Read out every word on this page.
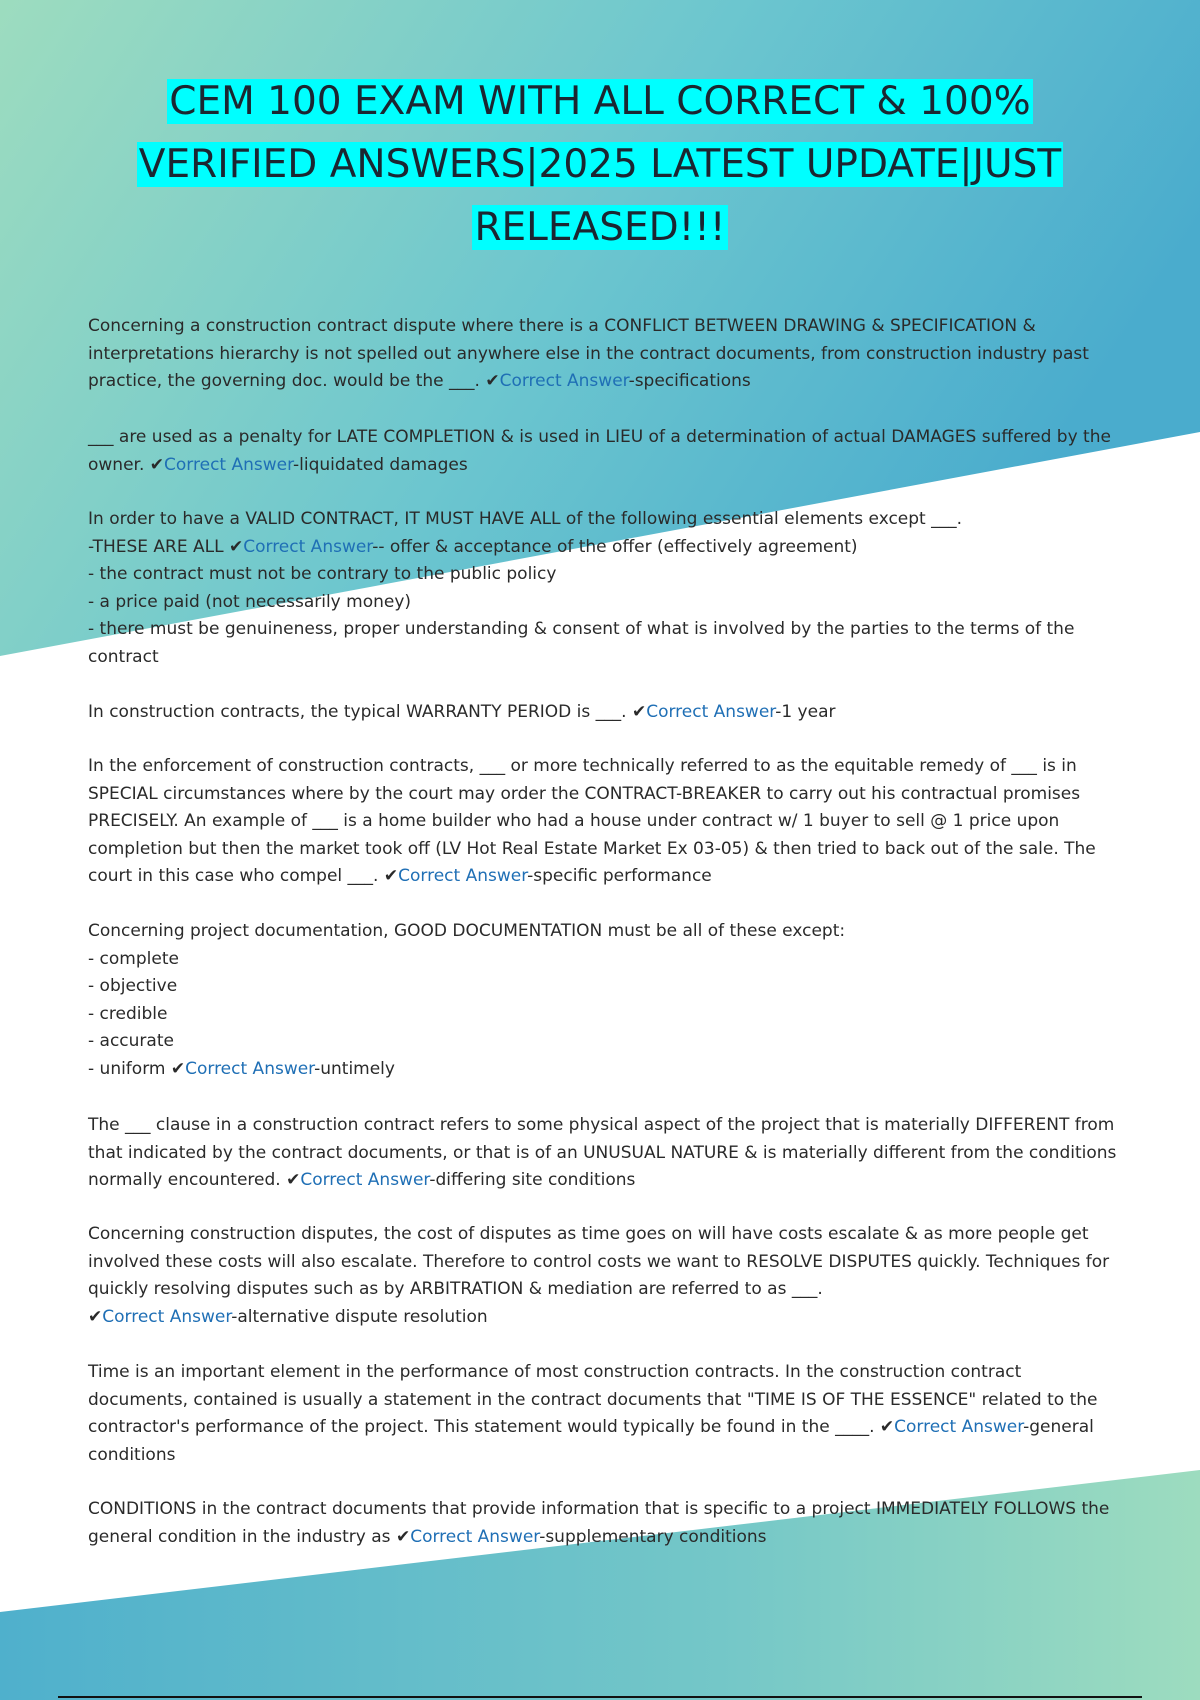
CEM 100 EXAM WITH ALL CORRECT & 100%
VERIFIED ANSWERS|2025 LATEST UPDATE|JUST
RELEASED!!!

Concerning a construction contract dispute where there is a CONFLICT BETWEEN DRAWING & SPECIFICATION & interpretations hierarchy is not spelled out anywhere else in the contract documents, from construction industry past practice, the governing doc. would be the ___. ✔Correct Answer-specifications

___ are used as a penalty for LATE COMPLETION & is used in LIEU of a determination of actual DAMAGES suffered by the owner. ✔Correct Answer-liquidated damages

In order to have a VALID CONTRACT, IT MUST HAVE ALL of the following essential elements except ___.
-THESE ARE ALL ✔Correct Answer-- offer & acceptance of the offer (effectively agreement)
- the contract must not be contrary to the public policy
- a price paid (not necessarily money)
- there must be genuineness, proper understanding & consent of what is involved by the parties to the terms of the contract

In construction contracts, the typical WARRANTY PERIOD is ___. ✔Correct Answer-1 year

In the enforcement of construction contracts, ___ or more technically referred to as the equitable remedy of ___ is in SPECIAL circumstances where by the court may order the CONTRACT-BREAKER to carry out his contractual promises PRECISELY. An example of ___ is a home builder who had a house under contract w/ 1 buyer to sell @ 1 price upon completion but then the market took off (LV Hot Real Estate Market Ex 03-05) & then tried to back out of the sale. The court in this case who compel ___. ✔Correct Answer-specific performance

Concerning project documentation, GOOD DOCUMENTATION must be all of these except:
- complete
- objective
- credible
- accurate
- uniform ✔Correct Answer-untimely

The ___ clause in a construction contract refers to some physical aspect of the project that is materially DIFFERENT from that indicated by the contract documents, or that is of an UNUSUAL NATURE & is materially different from the conditions normally encountered. ✔Correct Answer-differing site conditions

Concerning construction disputes, the cost of disputes as time goes on will have costs escalate & as more people get involved these costs will also escalate. Therefore to control costs we want to RESOLVE DISPUTES quickly. Techniques for quickly resolving disputes such as by ARBITRATION & mediation are referred to as ___.
✔Correct Answer-alternative dispute resolution

Time is an important element in the performance of most construction contracts. In the construction contract documents, contained is usually a statement in the contract documents that "TIME IS OF THE ESSENCE" related to the contractor's performance of the project. This statement would typically be found in the ____. ✔Correct Answer-general conditions

CONDITIONS in the contract documents that provide information that is specific to a project IMMEDIATELY FOLLOWS the general condition in the industry as ✔Correct Answer-supplementary conditions
